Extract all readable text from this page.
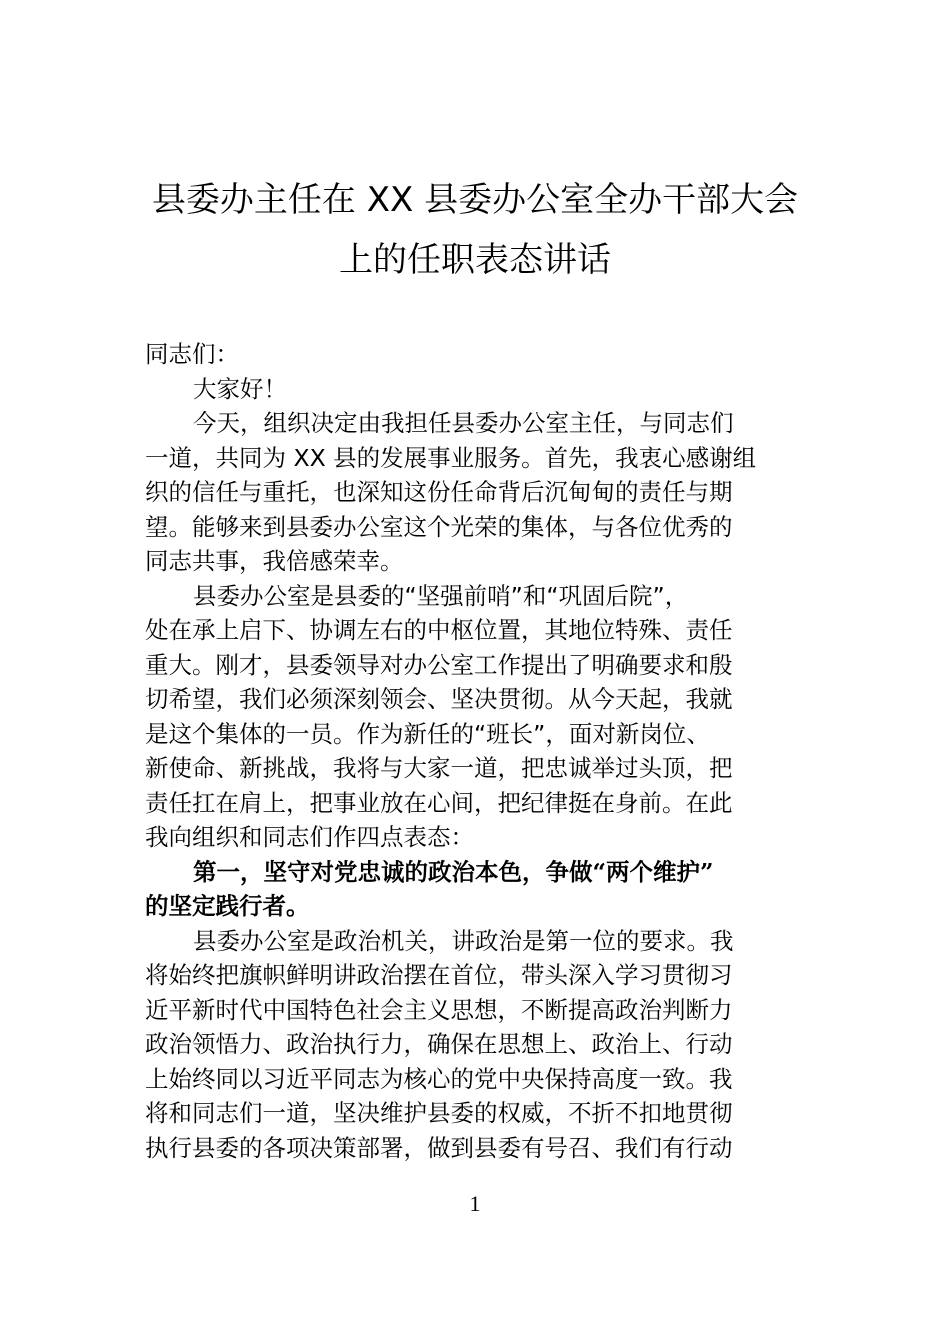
县委办主任在 XX 县委办公室全办干部大会
上的任职表态讲话
同志们：
大家好！
今天，组织决定由我担任县委办公室主任，与同志们
一道，共同为 XX 县的发展事业服务。首先，我衷心感谢组
织的信任与重托，也深知这份任命背后沉甸甸的责任与期
望。能够来到县委办公室这个光荣的集体，与各位优秀的
同志共事，我倍感荣幸。
县委办公室是县委的“坚强前哨”和“巩固后院”，
处在承上启下、协调左右的中枢位置，其地位特殊、责任
重大。刚才，县委领导对办公室工作提出了明确要求和殷
切希望，我们必须深刻领会、坚决贯彻。从今天起，我就
是这个集体的一员。作为新任的“班长”，面对新岗位、
新使命、新挑战，我将与大家一道，把忠诚举过头顶，把
责任扛在肩上，把事业放在心间，把纪律挺在身前。在此
我向组织和同志们作四点表态：
第一，坚守对党忠诚的政治本色，争做“两个维护”
的坚定践行者。
县委办公室是政治机关，讲政治是第一位的要求。我
将始终把旗帜鲜明讲政治摆在首位，带头深入学习贯彻习
近平新时代中国特色社会主义思想，不断提高政治判断力
政治领悟力、政治执行力，确保在思想上、政治上、行动
上始终同以习近平同志为核心的党中央保持高度一致。我
将和同志们一道，坚决维护县委的权威，不折不扣地贯彻
执行县委的各项决策部署，做到县委有号召、我们有行动
1
